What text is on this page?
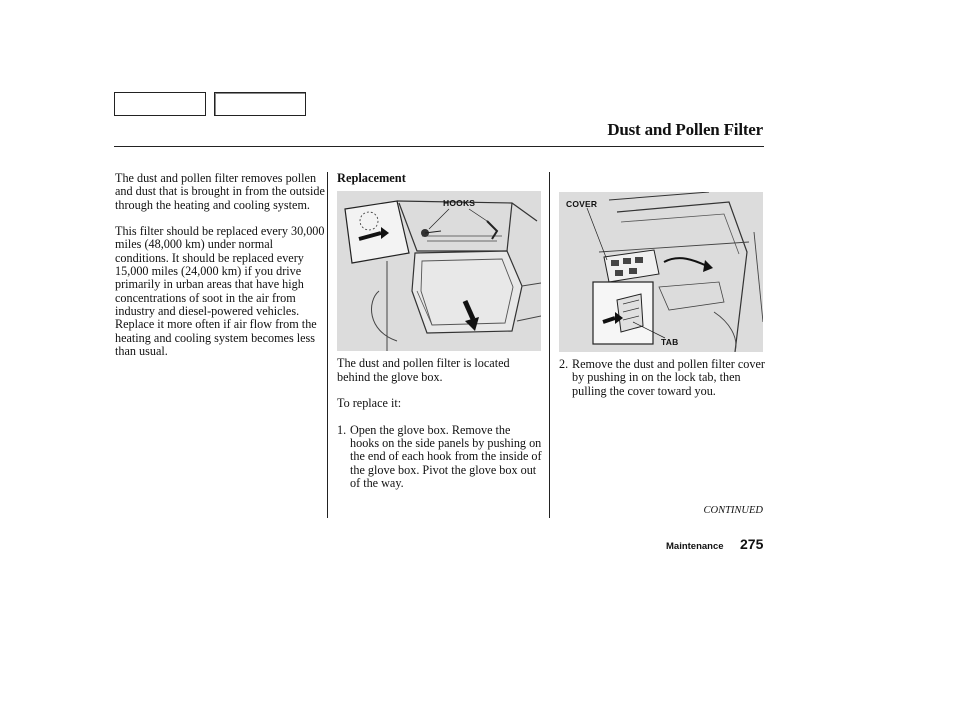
Dust and Pollen Filter

The dust and pollen filter removes pollen and dust that is brought in from the outside through the heating and cooling system.

This filter should be replaced every 30,000 miles (48,000 km) under normal conditions. It should be replaced every 15,000 miles (24,000 km) if you drive primarily in urban areas that have high concentrations of soot in the air from industry and diesel-powered vehicles. Replace it more often if air flow from the heating and cooling system becomes less than usual.

Replacement

HOOKS

The dust and pollen filter is located behind the glove box.

To replace it:

1. Open the glove box. Remove the hooks on the side panels by pushing on the end of each hook from the inside of the glove box. Pivot the glove box out of the way.
COVER
TAB
2. Remove the dust and pollen filter cover by pushing in on the lock tab, then pulling the cover toward you.
CONTINUED
Maintenance 275
